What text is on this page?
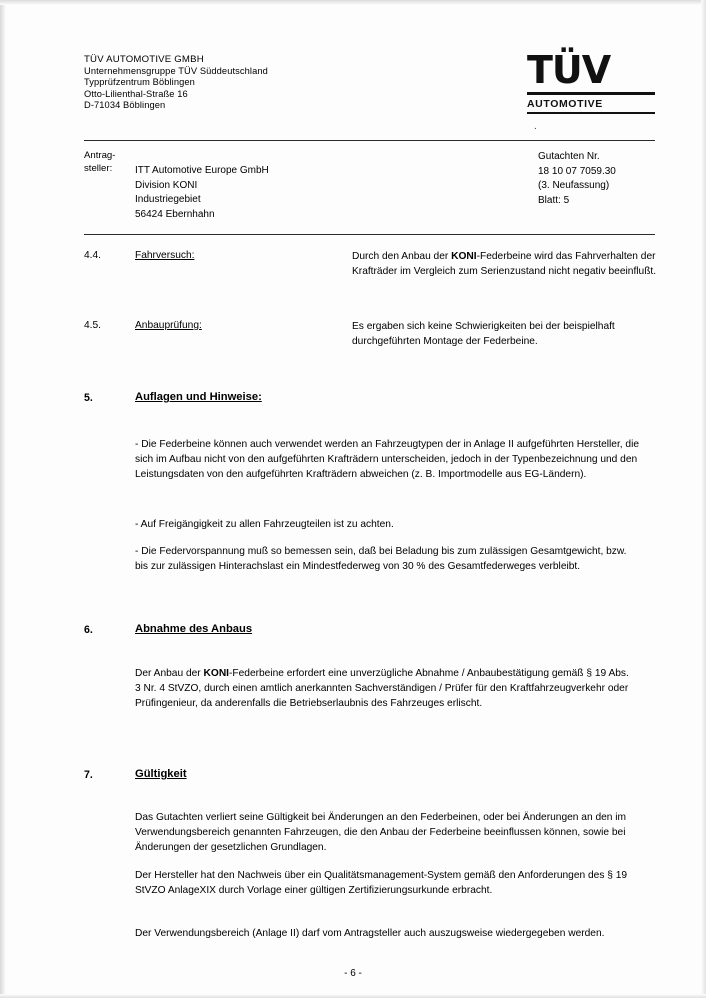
TÜV AUTOMOTIVE GMBH
Unternehmensgruppe TÜV Süddeutschland
Typprüfzentrum Böblingen
Otto-Lilienthal-Straße 16
D-71034 Böblingen
TÜV
AUTOMOTIVE
.
Antrag-
steller:	ITT Automotive Europe GmbH
Division KONI
Industriegebiet
56424 Ebernhahn
Gutachten Nr.
18 10 07 7059.30
(3. Neufassung)
Blatt: 5
4.4.	Fahrversuch:	Durch den Anbau der KONI-Federbeine wird das Fahrverhalten der Krafträder im Vergleich zum Serienzustand nicht negativ beeinflußt.
4.5.	Anbauprüfung:	Es ergaben sich keine Schwierigkeiten bei der beispielhaft durchgeführten Montage der Federbeine.
5.	Auflagen und Hinweise:
- Die Federbeine können auch verwendet werden an Fahrzeugtypen der in Anlage II aufgeführten Hersteller, die sich im Aufbau nicht von den aufgeführten Krafträdern unterscheiden, jedoch in der Typenbezeichnung und den Leistungsdaten von den aufgeführten Krafträdern abweichen (z. B. Importmodelle aus EG-Ländern).
- Auf Freigängigkeit zu allen Fahrzeugteilen ist zu achten.
- Die Federvorspannung muß so bemessen sein, daß bei Beladung bis zum zulässigen Gesamtgewicht, bzw. bis zur zulässigen Hinterachslast ein Mindestfederweg von 30 % des Gesamtfederweges verbleibt.
6.	Abnahme des Anbaus
Der Anbau der KONI-Federbeine erfordert eine unverzügliche Abnahme / Anbaubestätigung gemäß § 19 Abs. 3 Nr. 4 StVZO, durch einen amtlich anerkannten Sachverständigen / Prüfer für den Kraftfahrzeugverkehr oder Prüfingenieur, da anderenfalls die Betriebserlaubnis des Fahrzeuges erlischt.
7.	Gültigkeit
Das Gutachten verliert seine Gültigkeit bei Änderungen an den Federbeinen, oder bei Änderungen an den im Verwendungsbereich genannten Fahrzeugen, die den Anbau der Federbeine beeinflussen können, sowie bei Änderungen der gesetzlichen Grundlagen.
Der Hersteller hat den Nachweis über ein Qualitätsmanagement-System gemäß den Anforderungen des § 19 StVZO AnlageXIX durch Vorlage einer gültigen Zertifizierungsurkunde erbracht.
Der Verwendungsbereich (Anlage II) darf vom Antragsteller auch auszugsweise wiedergegeben werden.
- 6 -
